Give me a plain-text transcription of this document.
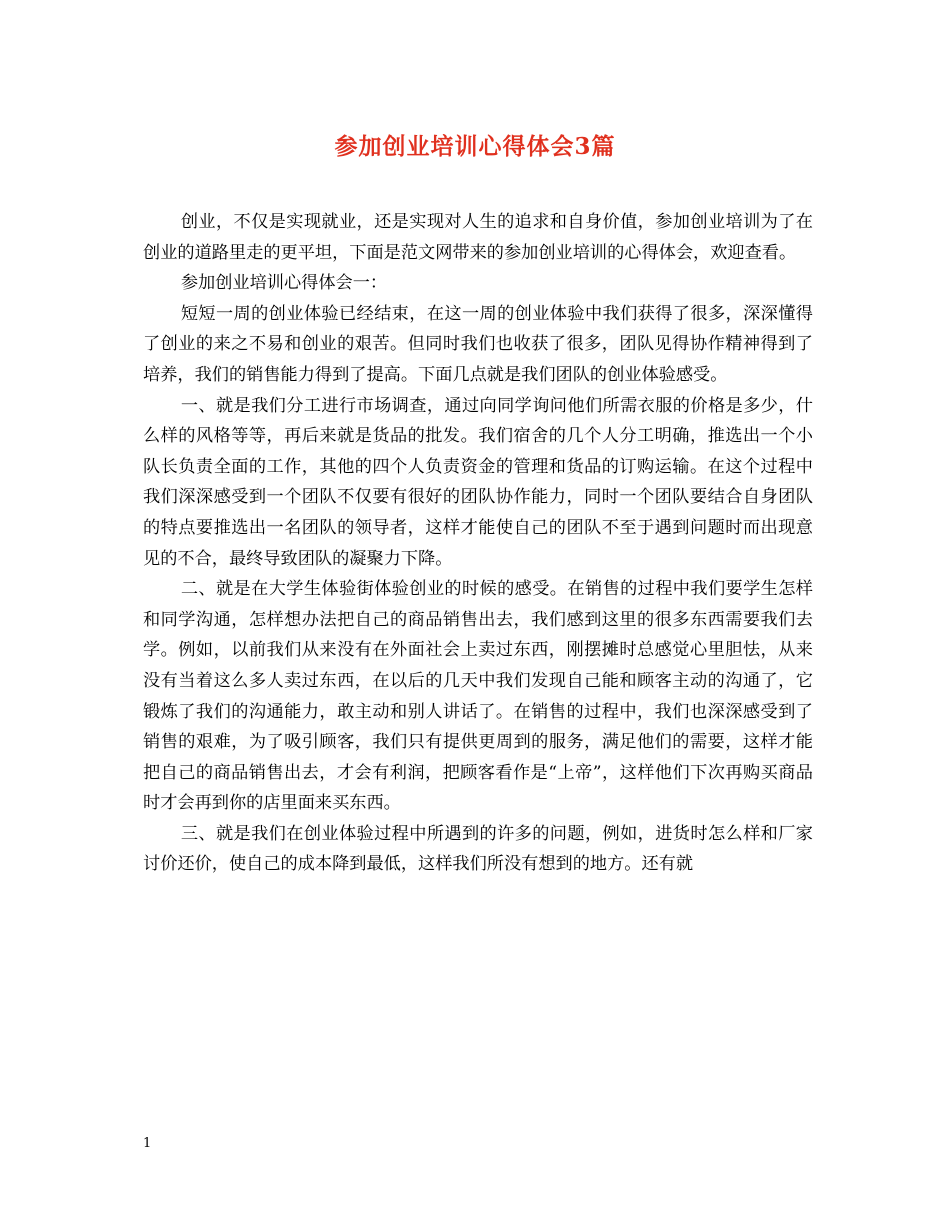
参加创业培训心得体会3篇

创业，不仅是实现就业，还是实现对人生的追求和自身价值，参加创业培训为了在创业的道路里走的更平坦，下面是范文网带来的参加创业培训的心得体会，欢迎查看。

参加创业培训心得体会一：

短短一周的创业体验已经结束，在这一周的创业体验中我们获得了很多，深深懂得了创业的来之不易和创业的艰苦。但同时我们也收获了很多，团队见得协作精神得到了培养，我们的销售能力得到了提高。下面几点就是我们团队的创业体验感受。

一、就是我们分工进行市场调查，通过向同学询问他们所需衣服的价格是多少，什么样的风格等等，再后来就是货品的批发。我们宿舍的几个人分工明确，推选出一个小队长负责全面的工作，其他的四个人负责资金的管理和货品的订购运输。在这个过程中我们深深感受到一个团队不仅要有很好的团队协作能力，同时一个团队要结合自身团队的特点要推选出一名团队的领导者，这样才能使自己的团队不至于遇到问题时而出现意见的不合，最终导致团队的凝聚力下降。

二、就是在大学生体验街体验创业的时候的感受。在销售的过程中我们要学生怎样和同学沟通，怎样想办法把自己的商品销售出去，我们感到这里的很多东西需要我们去学。例如，以前我们从来没有在外面社会上卖过东西，刚摆摊时总感觉心里胆怯，从来没有当着这么多人卖过东西，在以后的几天中我们发现自己能和顾客主动的沟通了，它锻炼了我们的沟通能力，敢主动和别人讲话了。在销售的过程中，我们也深深感受到了销售的艰难，为了吸引顾客，我们只有提供更周到的服务，满足他们的需要，这样才能把自己的商品销售出去，才会有利润，把顾客看作是“上帝”，这样他们下次再购买商品时才会再到你的店里面来买东西。

三、就是我们在创业体验过程中所遇到的许多的问题，例如，进货时怎么样和厂家讨价还价，使自己的成本降到最低，这样我们所没有想到的地方。还有就

1
